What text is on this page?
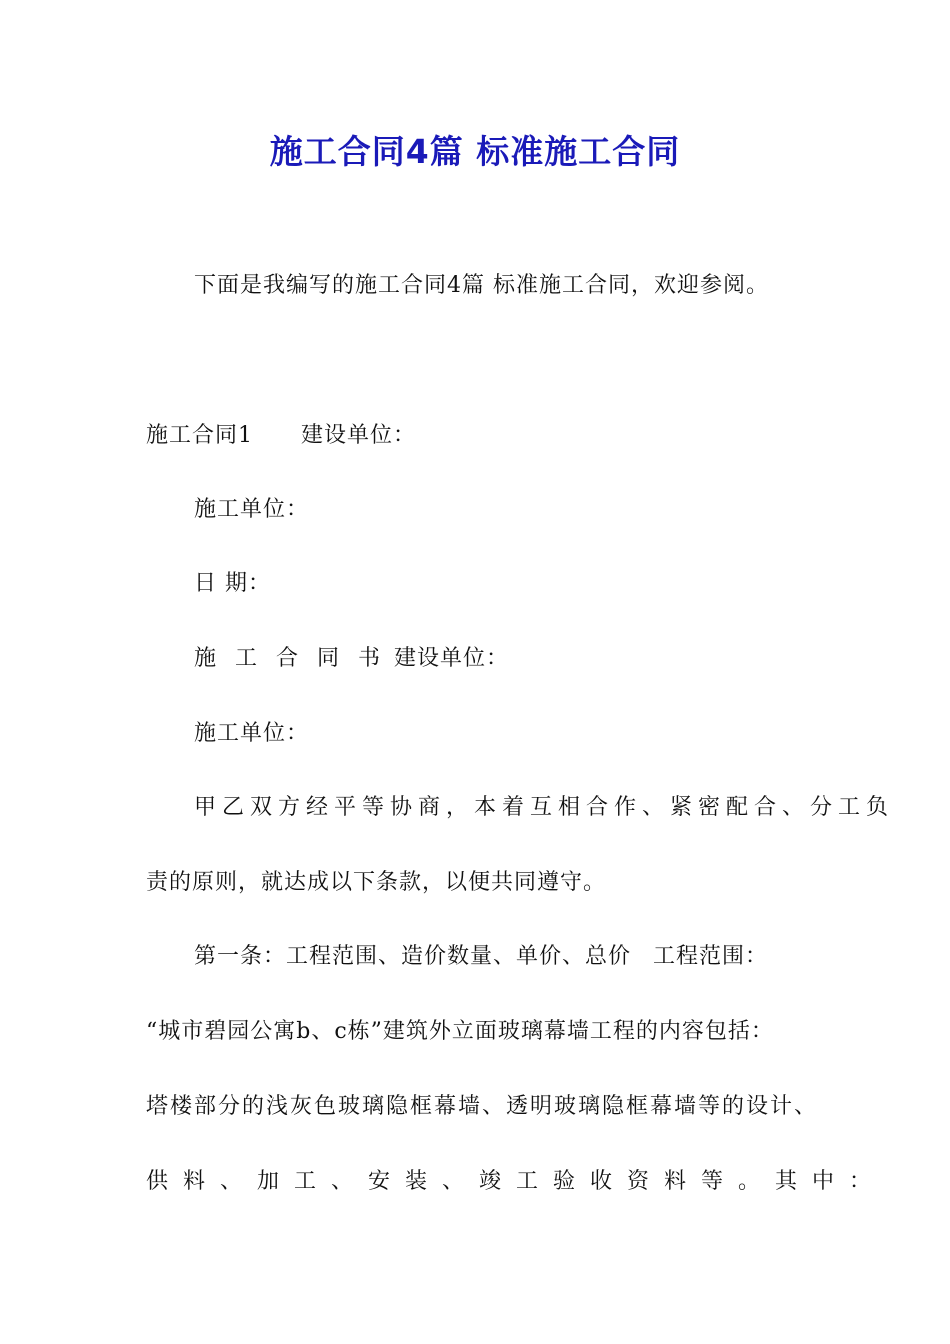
施工合同4篇 标准施工合同
下面是我编写的施工合同4篇 标准施工合同，欢迎参阅。
施工合同1 建设单位：
施工单位：
日 期：
施 工 合 同 书 建设单位：
施工单位：
甲乙双方经平等协商，本着互相合作、紧密配合、分工负
责的原则，就达成以下条款，以便共同遵守。
第一条：工程范围、造价数量、单价、总价 工程范围：
“城市碧园公寓b、c栋”建筑外立面玻璃幕墙工程的内容包括：
塔楼部分的浅灰色玻璃隐框幕墙、透明玻璃隐框幕墙等的设计、
供料、加工、安装、竣工验收资料等。其中：
